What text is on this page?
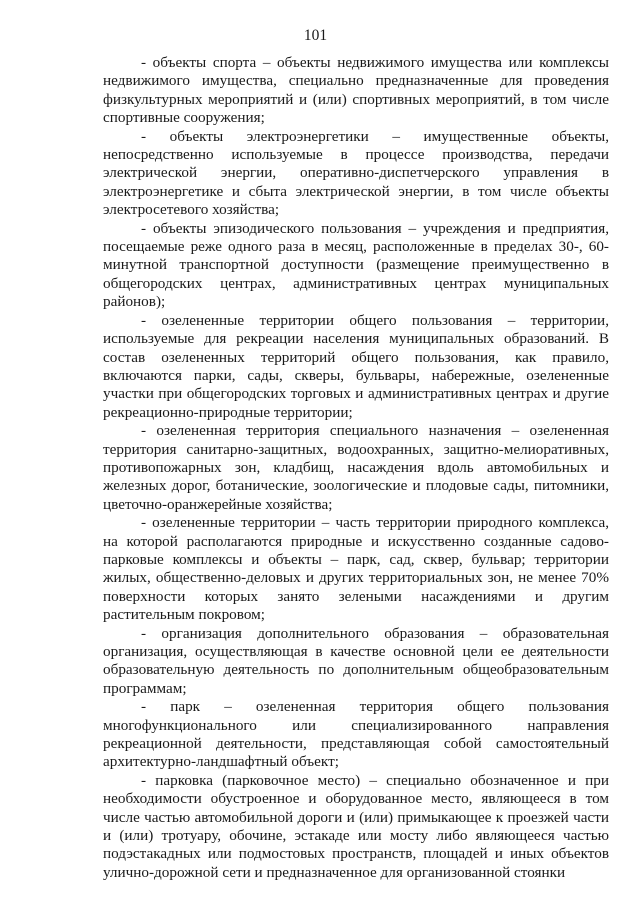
101

- объекты спорта – объекты недвижимого имущества или комплексы недвижимого имущества, специально предназначенные для проведения физкультурных мероприятий и (или) спортивных мероприятий, в том числе спортивные сооружения;

- объекты электроэнергетики – имущественные объекты, непосредственно используемые в процессе производства, передачи электрической энергии, оперативно-диспетчерского управления в электроэнергетике и сбыта электрической энергии, в том числе объекты электросетевого хозяйства;

- объекты эпизодического пользования – учреждения и предприятия, посещаемые реже одного раза в месяц, расположенные в пределах 30-, 60-минутной транспортной доступности (размещение преимущественно в общегородских центрах, административных центрах муниципальных районов);

- озелененные территории общего пользования – территории, используемые для рекреации населения муниципальных образований. В состав озелененных территорий общего пользования, как правило, включаются парки, сады, скверы, бульвары, набережные, озелененные участки при общегородских торговых и административных центрах и другие рекреационно-природные территории;

- озелененная территория специального назначения – озелененная территория санитарно-защитных, водоохранных, защитно-мелиоративных, противопожарных зон, кладбищ, насаждения вдоль автомобильных и железных дорог, ботанические, зоологические и плодовые сады, питомники, цветочно-оранжерейные хозяйства;

- озелененные территории – часть территории природного комплекса, на которой располагаются природные и искусственно созданные садово-парковые комплексы и объекты – парк, сад, сквер, бульвар; территории жилых, общественно-деловых и других территориальных зон, не менее 70% поверхности которых занято зелеными насаждениями и другим растительным покровом;

- организация дополнительного образования – образовательная организация, осуществляющая в качестве основной цели ее деятельности образовательную деятельность по дополнительным общеобразовательным программам;

- парк – озелененная территория общего пользования многофункционального или специализированного направления рекреационной деятельности, представляющая собой самостоятельный архитектурно-ландшафтный объект;

- парковка (парковочное место) – специально обозначенное и при необходимости обустроенное и оборудованное место, являющееся в том числе частью автомобильной дороги и (или) примыкающее к проезжей части и (или) тротуару, обочине, эстакаде или мосту либо являющееся частью подэстакадных или подмостовых пространств, площадей и иных объектов улично-дорожной сети и предназначенное для организованной стоянки
